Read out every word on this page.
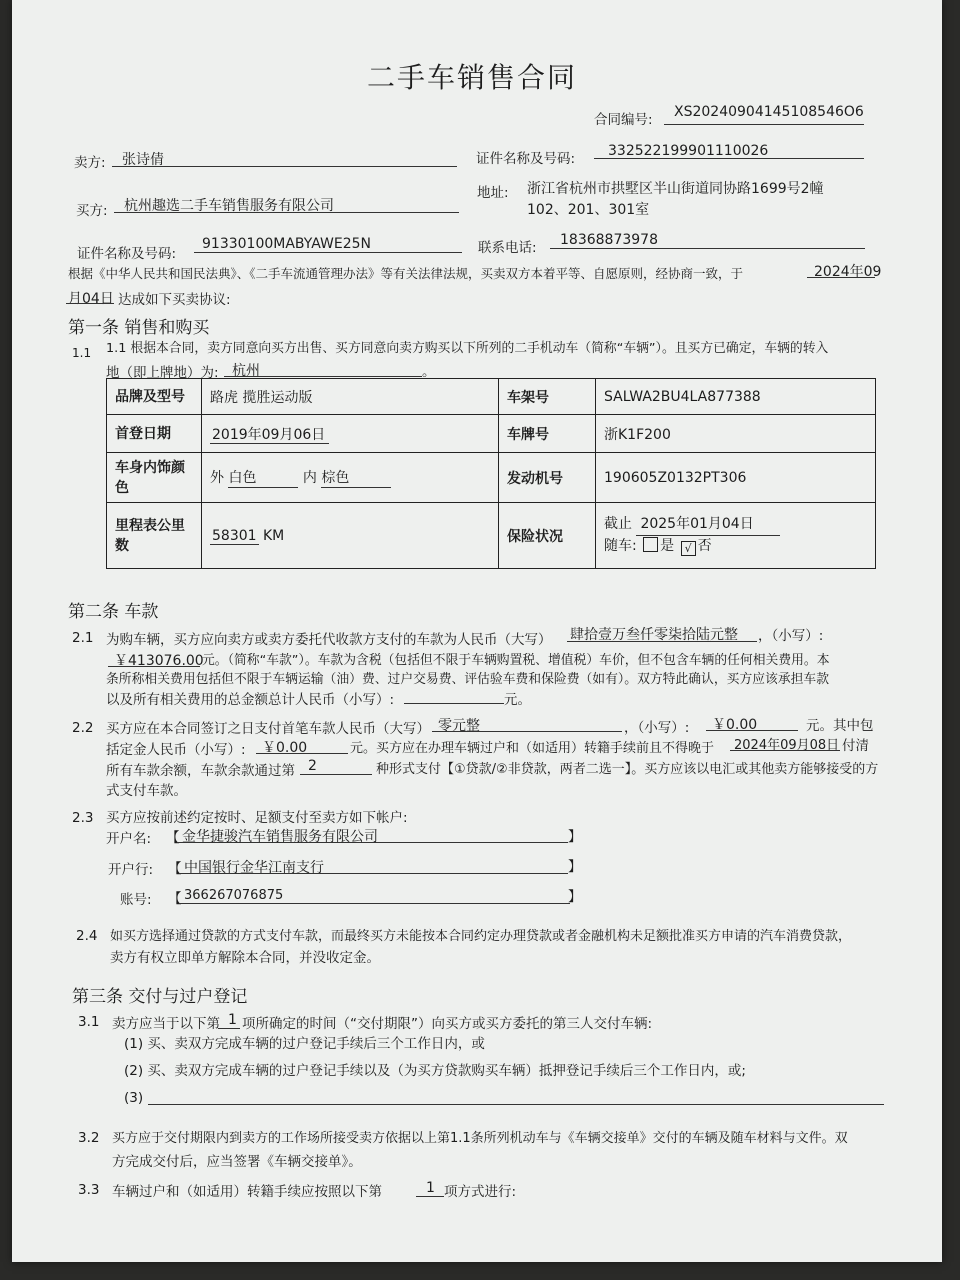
二手车销售合同
合同编号: XS20240904145108546O6
卖方: 张诗倩	证件名称及号码: 332522199901110026
买方: 杭州趣选二手车销售服务有限公司
地址: 浙江省杭州市拱墅区半山街道同协路1699号2幢
102、201、301室
证件名称及号码:
91330100MABYAWE25N	联系电话: 18368873978
根据《中华人民共和国民法典》、《二手车流通管理办法》等有关法律法规，买卖双方本着平等、自愿原则，经协商一致，于	2024年09
月04日 达成如下买卖协议:
第一条 销售和购买
1.1 1.1 根据本合同，卖方同意向买方出售、买方同意向卖方购买以下所列的二手机动车（简称“车辆”）。且买方已确定，车辆的转入
地（即上牌地）为: 杭州	。
品牌及型号	路虎 揽胜运动版	车架号	SALWA2BU4LA877388
首登日期	2019年09月06日	车牌号	浙K1F200
车身内饰颜色	外 白色 内 棕色	发动机号	190605Z0132PT306
里程表公里数	58301 KM	保险状况	截止 2025年01月04日
随车: 是 √ 否
第二条 车款
2.1 为购车辆，买方应向卖方或卖方委托代收款方支付的车款为人民币（大写） 肆拾壹万叁仟零柒拾陆元整 ，（小写）:
￥413076.00
元。（简称“车款”）。车款为含税（包括但不限于车辆购置税、增值税）车价，但不包含车辆的任何相关费用。本
条所称相关费用包括但不限于车辆运输（油）费、过户交易费、评估验车费和保险费（如有）。双方特此确认，买方应该承担车款
以及所有相关费用的总金额总计人民币（小写）:	元。
2.2 买方应在本合同签订之日支付首笔车款人民币（大写） 零元整	，（小写）: ￥0.00	元。其中包
括定金人民币（小写）: ￥0.00	元。买方应在办理车辆过户和（如适用）转籍手续前且不得晚于 2024年09月08日 付清
所有车款余额，车款余款通过第 2	种形式支付【①贷款/②非贷款，两者二选一】。买方应该以电汇或其他卖方能够接受的方
式支付车款。
2.3 买方应按前述约定按时、足额支付至卖方如下帐户:
开户名: 【 金华捷骏汽车销售服务有限公司	】
开户行: 【 中国银行金华江南支行	】
账号: 【 366267076875	】
2.4 如买方选择通过贷款的方式支付车款，而最终买方未能按本合同约定办理贷款或者金融机构未足额批准买方申请的汽车消费贷款，
卖方有权立即单方解除本合同，并没收定金。
第三条 交付与过户登记
3.1 卖方应当于以下第 1 项所确定的时间（“交付期限”）向买方或买方委托的第三人交付车辆:
(1) 买、卖双方完成车辆的过户登记手续后三个工作日内，或
(2) 买、卖双方完成车辆的过户登记手续以及（为买方贷款购买车辆）抵押登记手续后三个工作日内，或;
(3)
3.2 买方应于交付期限内到卖方的工作场所接受卖方依据以上第1.1条所列机动车与《车辆交接单》交付的车辆及随车材料与文件。双
方完成交付后，应当签署《车辆交接单》。
3.3 车辆过户和（如适用）转籍手续应按照以下第	1 项方式进行:
